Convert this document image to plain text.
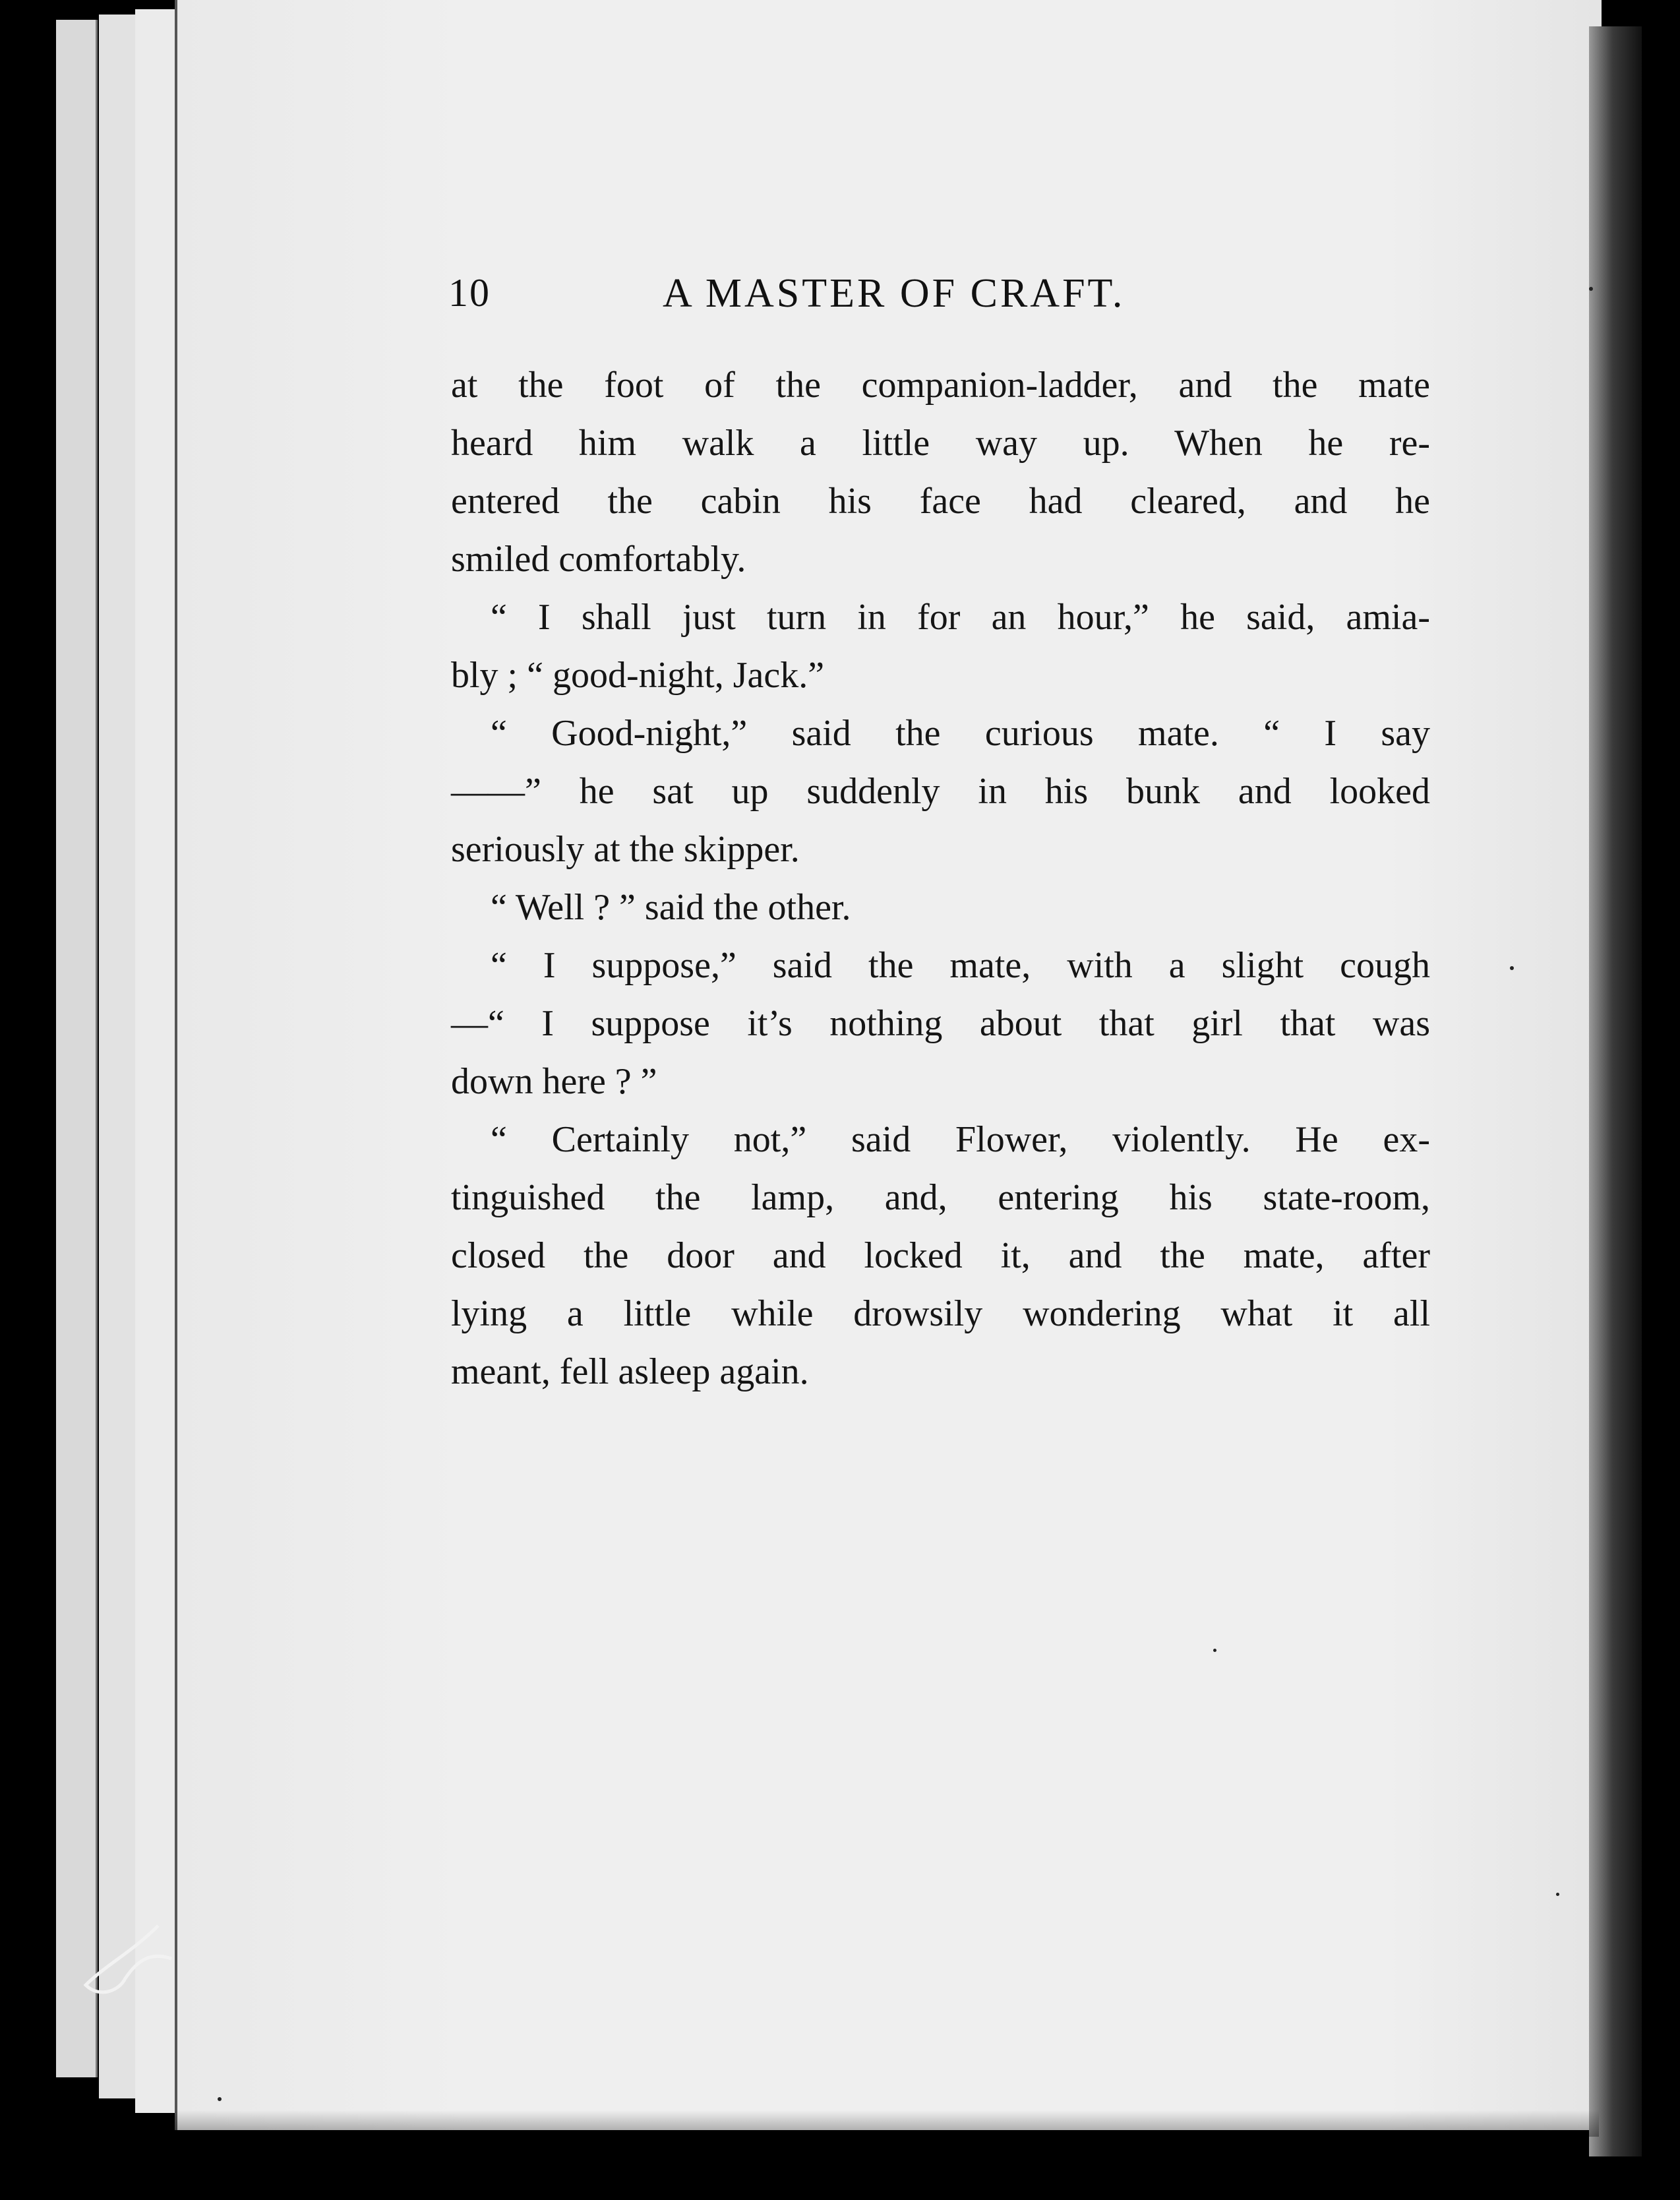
10	A MASTER OF CRAFT.
at the foot of the companion-ladder, and the mate
heard him walk a little way up. When he re-
entered the cabin his face had cleared, and he
smiled comfortably.
“ I shall just turn in for an hour,” he said, amia-
bly ; “ good-night, Jack.”
“ Good-night,” said the curious mate. “ I say
——” he sat up suddenly in his bunk and looked
seriously at the skipper.
“ Well ? ” said the other.
“ I suppose,” said the mate, with a slight cough
—“ I suppose it’s nothing about that girl that was
down here ? ”
“ Certainly not,” said Flower, violently. He ex-
tinguished the lamp, and, entering his state-room,
closed the door and locked it, and the mate, after
lying a little while drowsily wondering what it all
meant, fell asleep again.
